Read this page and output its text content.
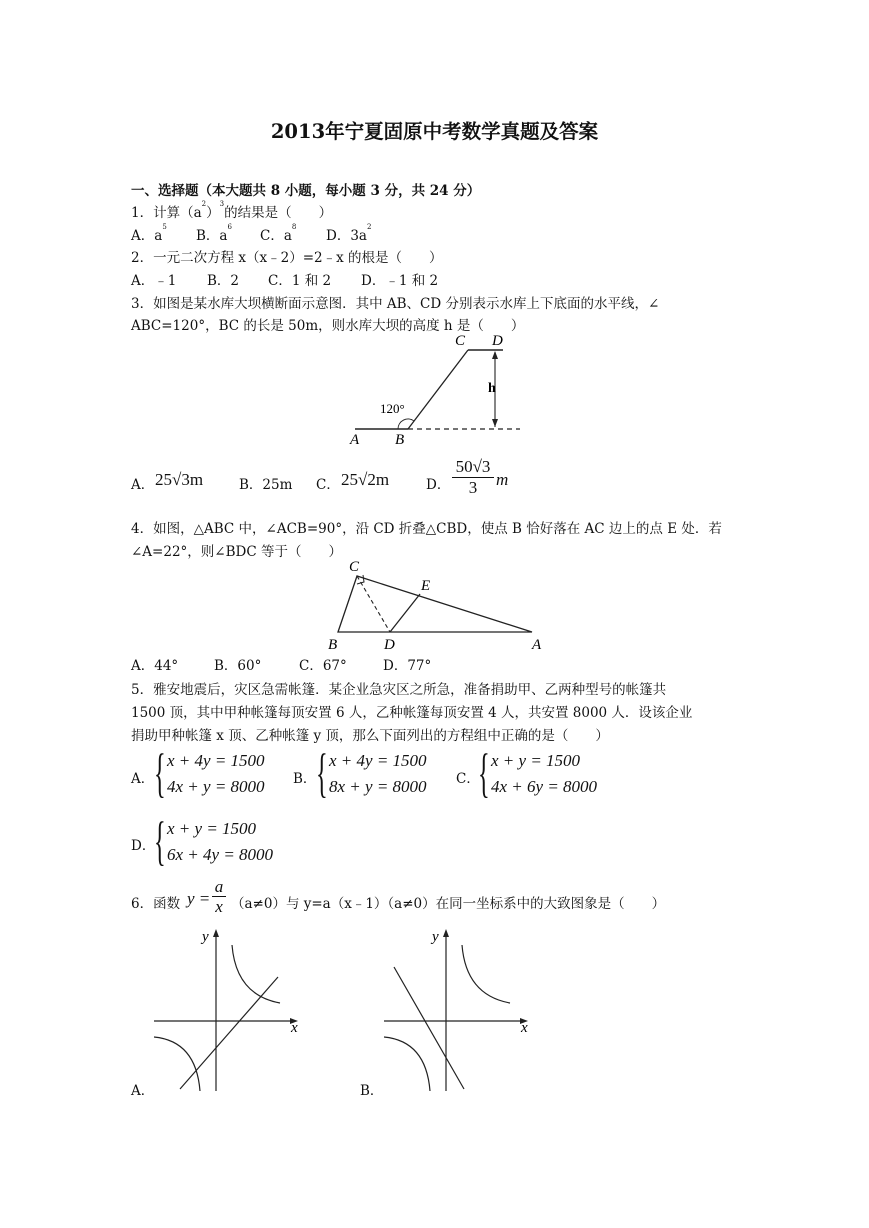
2013年宁夏固原中考数学真题及答案
一、选择题（本大题共 8 小题，每小题 3 分，共 24 分）
1．计算$(a^2)^3$的结果是（　　）
A．$a^5$
B．$a^6$
C．$a^8$
D．$3a^2$
2．一元二次方程 x（x﹣2）=2﹣x 的根是（　　）
A．﹣1 B．2 C．1 和 2 D．﹣1 和 2
3．如图是某水库大坝横断面示意图．其中 AB、CD 分别表示水库上下底面的水平线，∠
ABC=120°，BC 的长是 50m，则水库大坝的高度 h 是（　　）
C D
h
120°
A B
A． 25√3m	B．25m C． 25√2m	D． $\frac{50√3}{3}$ m
4．如图，△ABC 中，∠ACB=90°，沿 CD 折叠△CBD，使点 B 恰好落在 AC 边上的点 E 处．若
∠A=22°，则∠BDC 等于（　　）
C
E
B	D	A
A．44°	B．60°	C．67°	D．77°
5．雅安地震后，灾区急需帐篷．某企业急灾区之所急，准备捐助甲、乙两种型号的帐篷共
1500 顶，其中甲种帐篷每顶安置 6 人，乙种帐篷每顶安置 4 人，共安置 8000 人．设该企业
捐助甲种帐篷 x 顶、乙种帐篷 y 顶，那么下面列出的方程组中正确的是（　　）
A． { x + 4y = 1500
4x + y = 8000 B． { x + 4y = 1500
8x + y = 8000 C．
{ x + y = 1500
4x + 6y = 8000
D．
{ x + y = 1500
6x + 4y = 8000
6．函数 $y = \frac{a}{x} (a\ne 0)$与 y=a（x﹣1）（a≠0）在同一坐标系中的大致图象是（　　）
y
x
A．
y
x
B．
